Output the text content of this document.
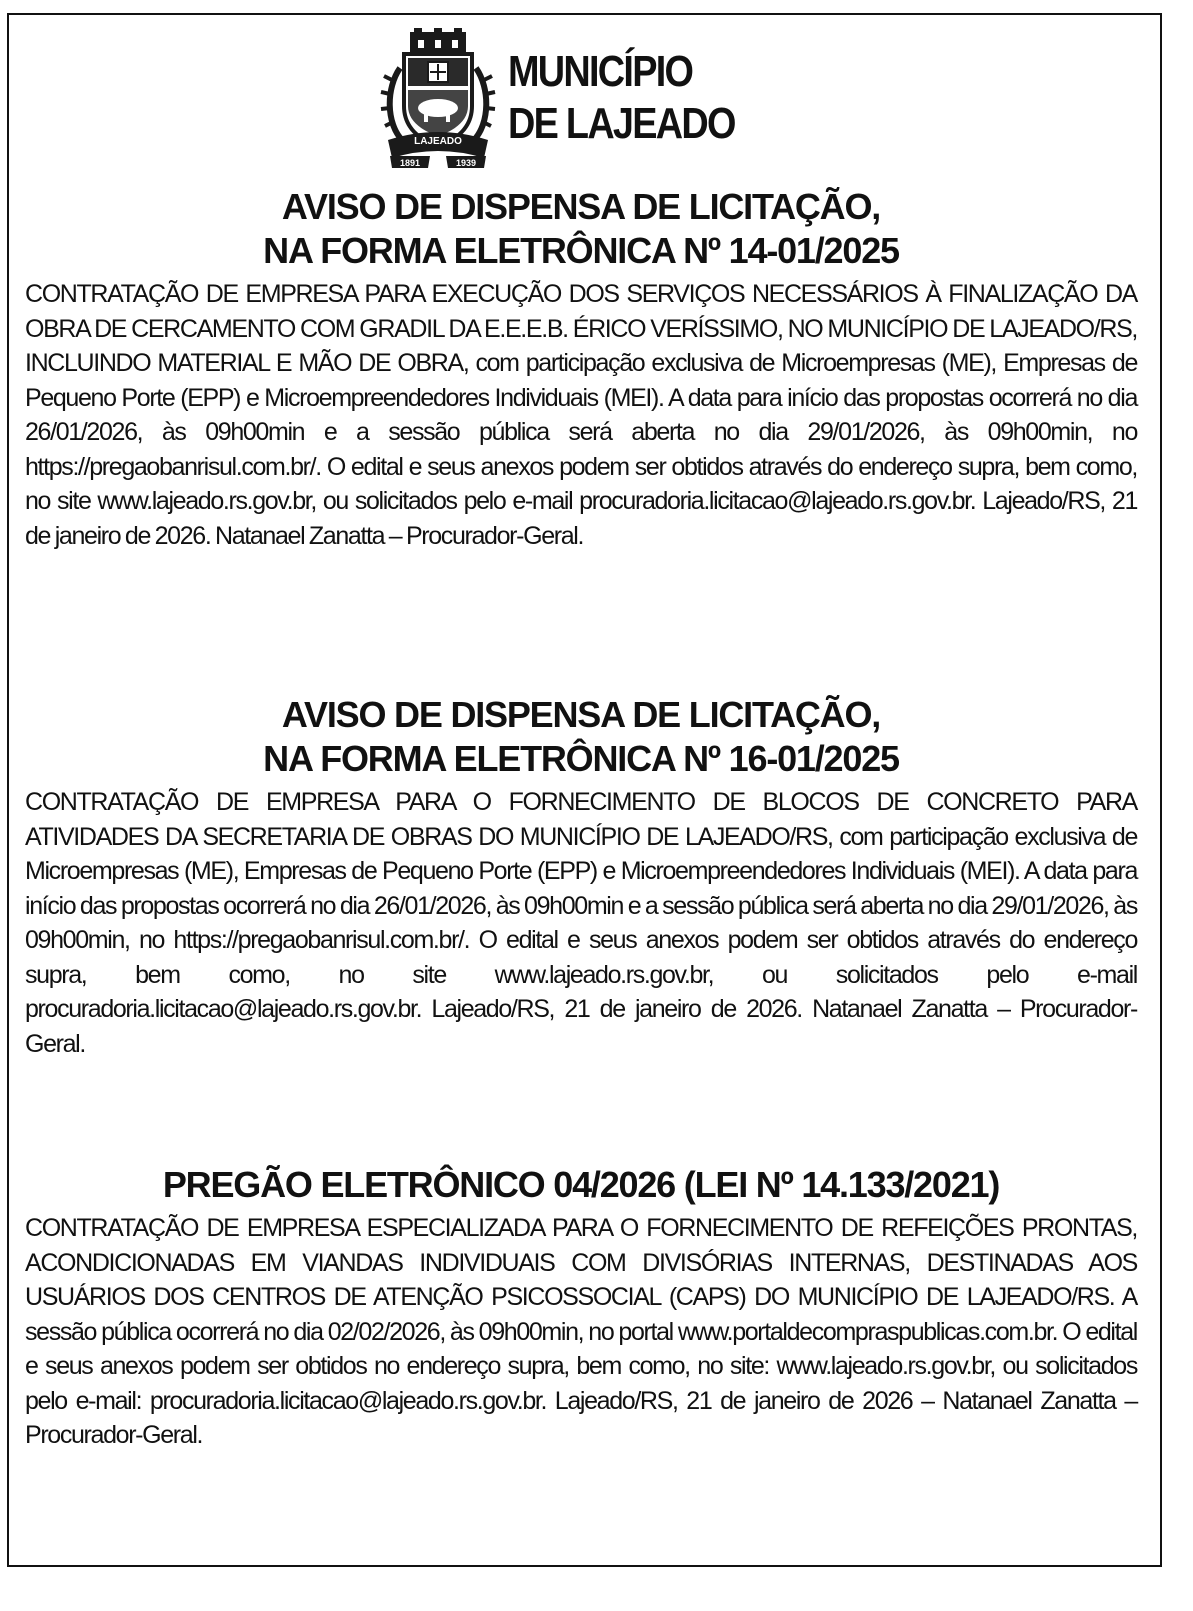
LAJEADO
1891	1939
MUNICÍPIO
DE LAJEADO
AVISO DE DISPENSA DE LICITAÇÃO,
NA FORMA ELETRÔNICA Nº 14-01/2025

CONTRATAÇÃO DE EMPRESA PARA EXECUÇÃO DOS SERVIÇOS NECESSÁRIOS À FINALIZAÇÃO DA OBRA DE CERCAMENTO COM GRADIL DA E.E.E.B. ÉRICO VERÍSSIMO, NO MUNICÍPIO DE LAJEADO/RS, INCLUINDO MATERIAL E MÃO DE OBRA, com participação exclusiva de Microempresas (ME), Empresas de Pequeno Porte (EPP) e Microempreendedores Individuais (MEI). A data para início das propostas ocorrerá no dia 26/01/2026, às 09h00min e a sessão pública será aberta no dia 29/01/2026, às 09h00min, no https://pregaobanrisul.com.br/. O edital e seus anexos podem ser obtidos através do endereço supra, bem como, no site www.lajeado.rs.gov.br, ou solicitados pelo e-mail procuradoria.licitacao@lajeado.rs.gov.br. Lajeado/RS, 21 de janeiro de 2026. Natanael Zanatta – Procurador-Geral.

AVISO DE DISPENSA DE LICITAÇÃO,
NA FORMA ELETRÔNICA Nº 16-01/2025

CONTRATAÇÃO DE EMPRESA PARA O FORNECIMENTO DE BLOCOS DE CONCRETO PARA ATIVIDADES DA SECRETARIA DE OBRAS DO MUNICÍPIO DE LAJEADO/RS, com participação exclusiva de Microempresas (ME), Empresas de Pequeno Porte (EPP) e Microempreendedores Individuais (MEI). A data para início das propostas ocorrerá no dia 26/01/2026, às 09h00min e a sessão pública será aberta no dia 29/01/2026, às 09h00min, no https://pregaobanrisul.com.br/. O edital e seus anexos podem ser obtidos através do endereço supra, bem como, no site www.lajeado.rs.gov.br, ou solicitados pelo e-mail procuradoria.licitacao@lajeado.rs.gov.br. Lajeado/RS, 21 de janeiro de 2026. Natanael Zanatta – Procurador-Geral.

PREGÃO ELETRÔNICO 04/2026 (LEI Nº 14.133/2021)

CONTRATAÇÃO DE EMPRESA ESPECIALIZADA PARA O FORNECIMENTO DE REFEIÇÕES PRONTAS, ACONDICIONADAS EM VIANDAS INDIVIDUAIS COM DIVISÓRIAS INTERNAS, DESTINADAS AOS USUÁRIOS DOS CENTROS DE ATENÇÃO PSICOSSOCIAL (CAPS) DO MUNICÍPIO DE LAJEADO/RS. A sessão pública ocorrerá no dia 02/02/2026, às 09h00min, no portal www.portaldecompraspublicas.com.br. O edital e seus anexos podem ser obtidos no endereço supra, bem como, no site: www.lajeado.rs.gov.br, ou solicitados pelo e-mail: procuradoria.licitacao@lajeado.rs.gov.br. Lajeado/RS, 21 de janeiro de 2026 – Natanael Zanatta – Procurador-Geral.
